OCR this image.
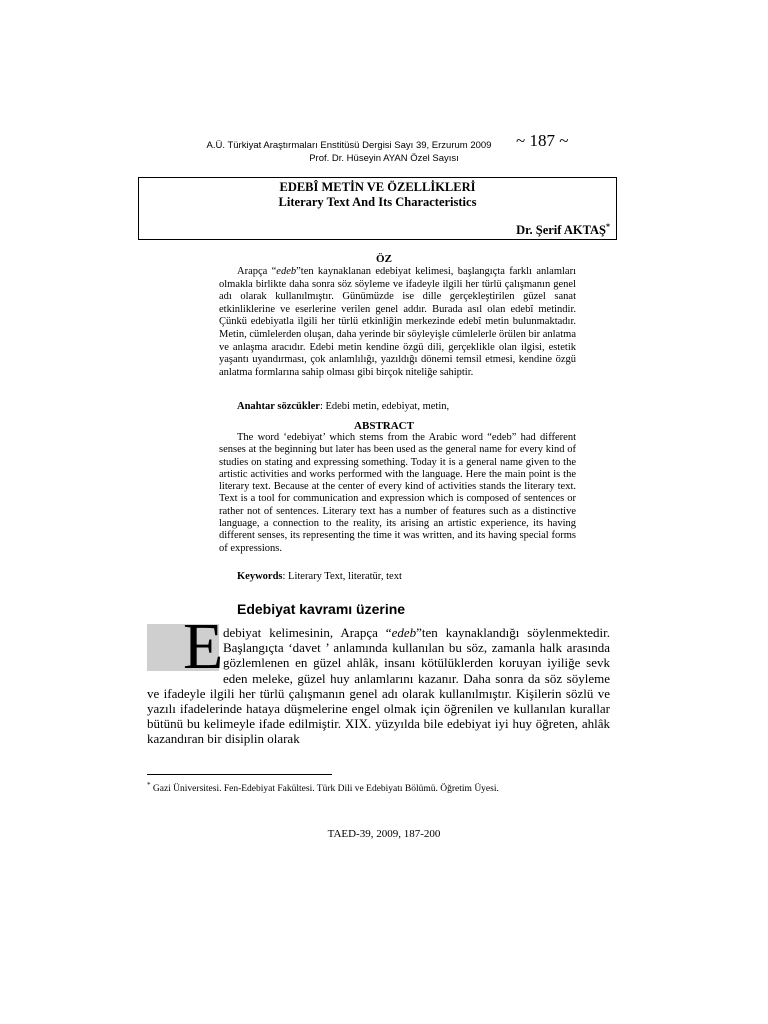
A.Ü. Türkiyat Araştırmaları Enstitüsü Dergisi Sayı 39, Erzurum 2009	~ 187 ~
Prof. Dr. Hüseyin AYAN Özel Sayısı
EDEBÎ METİN VE ÖZELLİKLERİ
Literary Text And Its Characteristics
Dr. Şerif AKTAŞ*
ÖZ

Arapça “edeb”ten kaynaklanan edebiyat kelimesi, başlangıçta farklı anlamları olmakla birlikte daha sonra söz söyleme ve ifadeyle ilgili her türlü çalışmanın genel adı olarak kullanılmıştır. Günümüzde ise dille gerçekleştirilen güzel sanat etkinliklerine ve eserlerine verilen genel addır. Burada asıl olan edebî metindir. Çünkü edebiyatla ilgili her türlü etkinliğin merkezinde edebî metin bulunmaktadır. Metin, cümlelerden oluşan, daha yerinde bir söyleyişle cümlelerle örülen bir anlatma ve anlaşma aracıdır. Edebi metin kendine özgü dili, gerçeklikle olan ilgisi, estetik yaşantı uyandırması, çok anlamlılığı, yazıldığı dönemi temsil etmesi, kendine özgü anlatma formlarına sahip olması gibi birçok niteliğe sahiptir.

Anahtar sözcükler: Edebi metin, edebiyat, metin,
ABSTRACT

The word ‘edebiyat’ which stems from the Arabic word “edeb” had different senses at the beginning but later has been used as the general name for every kind of studies on stating and expressing something. Today it is a general name given to the artistic activities and works performed with the language. Here the main point is the literary text. Because at the center of every kind of activities stands the literary text. Text is a tool for communication and expression which is composed of sentences or rather not of sentences. Literary text has a number of features such as a distinctive language, a connection to the reality, its arising an artistic experience, its having different senses, its representing the time it was written, and its having special forms of expressions.

Keywords: Literary Text, literatür, text
Edebiyat kavramı üzerine
E debiyat kelimesinin, Arapça “edeb”ten kaynaklandığı söylenmektedir. Başlangıçta ‘davet ’ anlamında kullanılan bu söz, zamanla halk arasında gözlemlenen en güzel ahlâk, insanı kötülüklerden koruyan iyiliğe sevk eden meleke, güzel huy anlamlarını kazanır. Daha sonra da söz söyleme ve ifadeyle ilgili her türlü çalışmanın genel adı olarak kullanılmıştır. Kişilerin sözlü ve yazılı ifadelerinde hataya düşmelerine engel olmak için öğrenilen ve kullanılan kurallar bütünü bu kelimeyle ifade edilmiştir. XIX. yüzyılda bile edebiyat iyi huy öğreten, ahlâk kazandıran bir disiplin olarak

* Gazi Üniversitesi. Fen-Edebiyat Fakültesi. Türk Dili ve Edebiyatı Bölümü. Öğretim Üyesi.
TAED-39, 2009, 187-200
